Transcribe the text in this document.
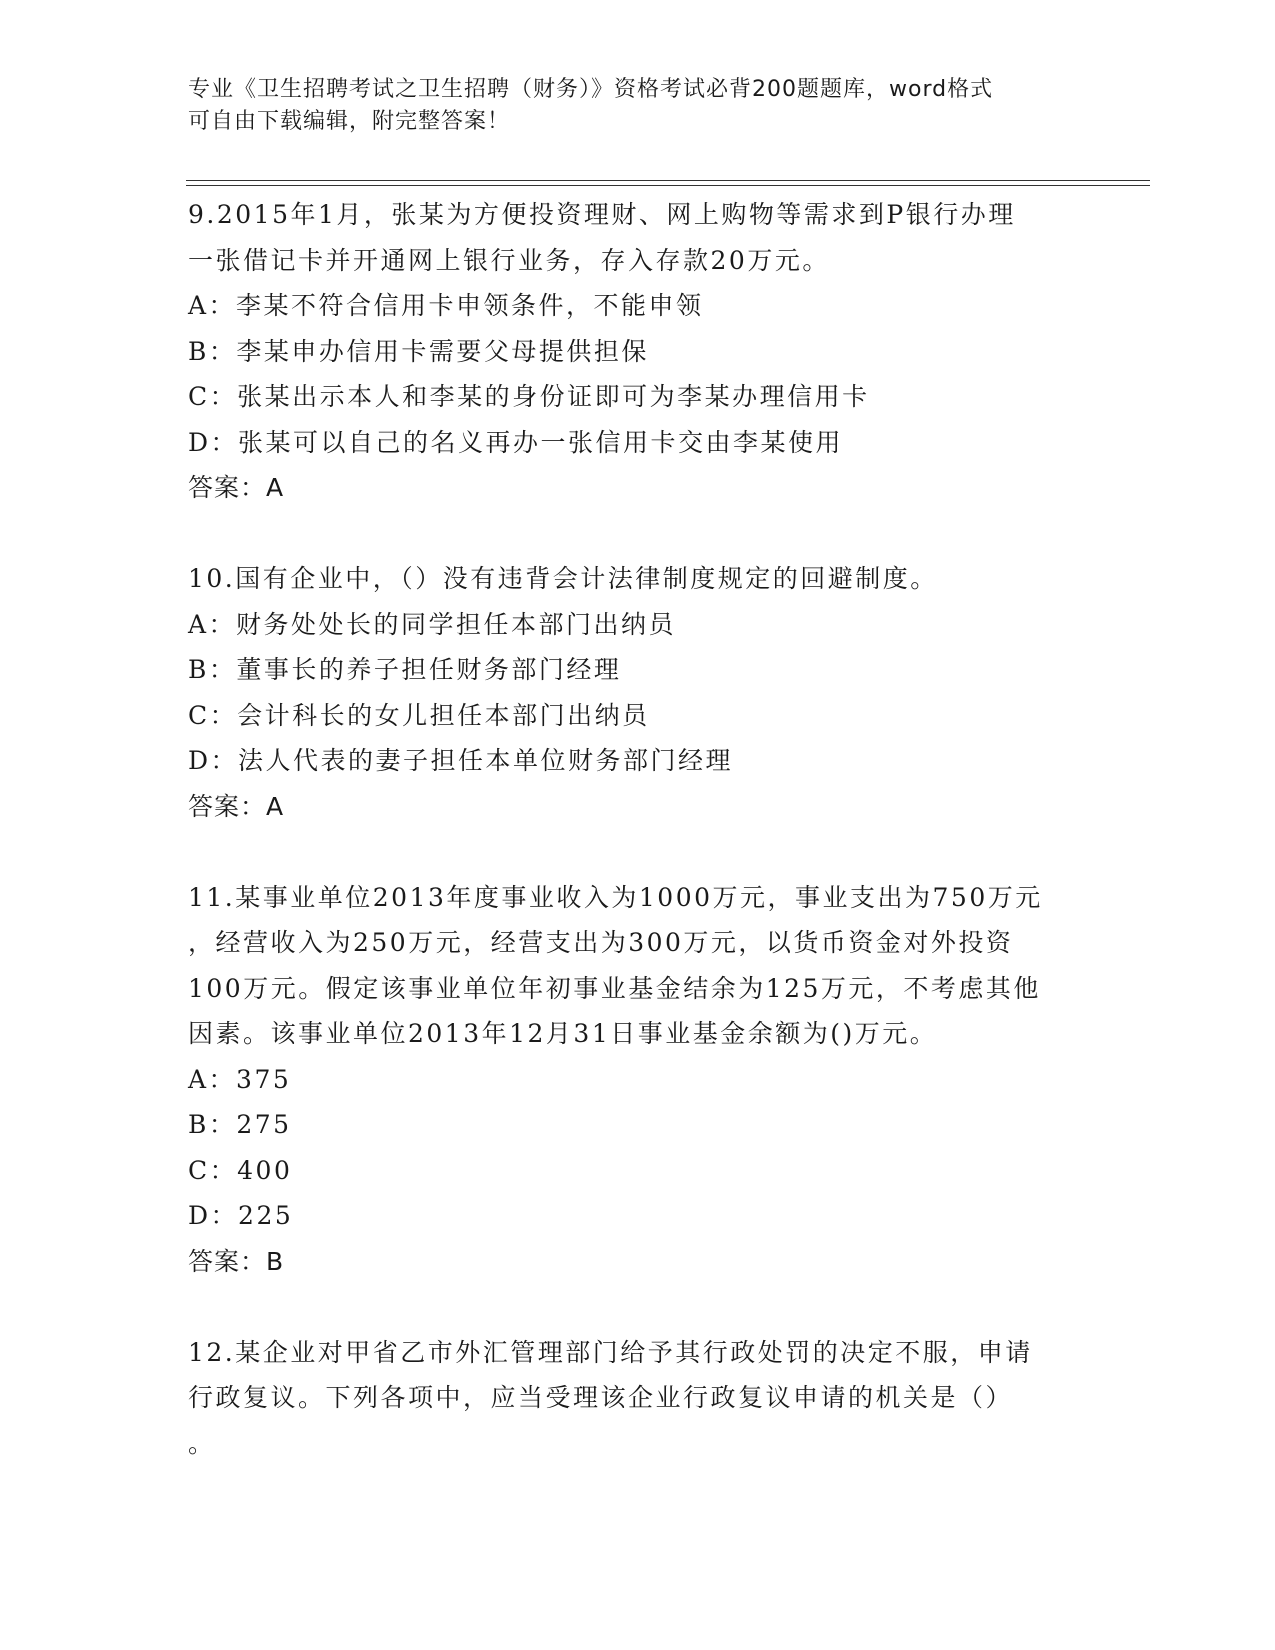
专业《卫生招聘考试之卫生招聘（财务）》资格考试必背200题题库，word格式
可自由下载编辑，附完整答案！
9.2015年1月，张某为方便投资理财、网上购物等需求到P银行办理
一张借记卡并开通网上银行业务，存入存款20万元。
A：李某不符合信用卡申领条件，不能申领
B：李某申办信用卡需要父母提供担保
C：张某出示本人和李某的身份证即可为李某办理信用卡
D：张某可以自己的名义再办一张信用卡交由李某使用
答案：A
10.国有企业中，（）没有违背会计法律制度规定的回避制度。
A：财务处处长的同学担任本部门出纳员
B：董事长的养子担任财务部门经理
C：会计科长的女儿担任本部门出纳员
D：法人代表的妻子担任本单位财务部门经理
答案：A
11.某事业单位2013年度事业收入为1000万元，事业支出为750万元
，经营收入为250万元，经营支出为300万元，以货币资金对外投资
100万元。假定该事业单位年初事业基金结余为125万元，不考虑其他
因素。该事业单位2013年12月31日事业基金余额为()万元。
A：375
B：275
C：400
D：225
答案：B
12.某企业对甲省乙市外汇管理部门给予其行政处罚的决定不服，申请
行政复议。下列各项中，应当受理该企业行政复议申请的机关是（）
。
